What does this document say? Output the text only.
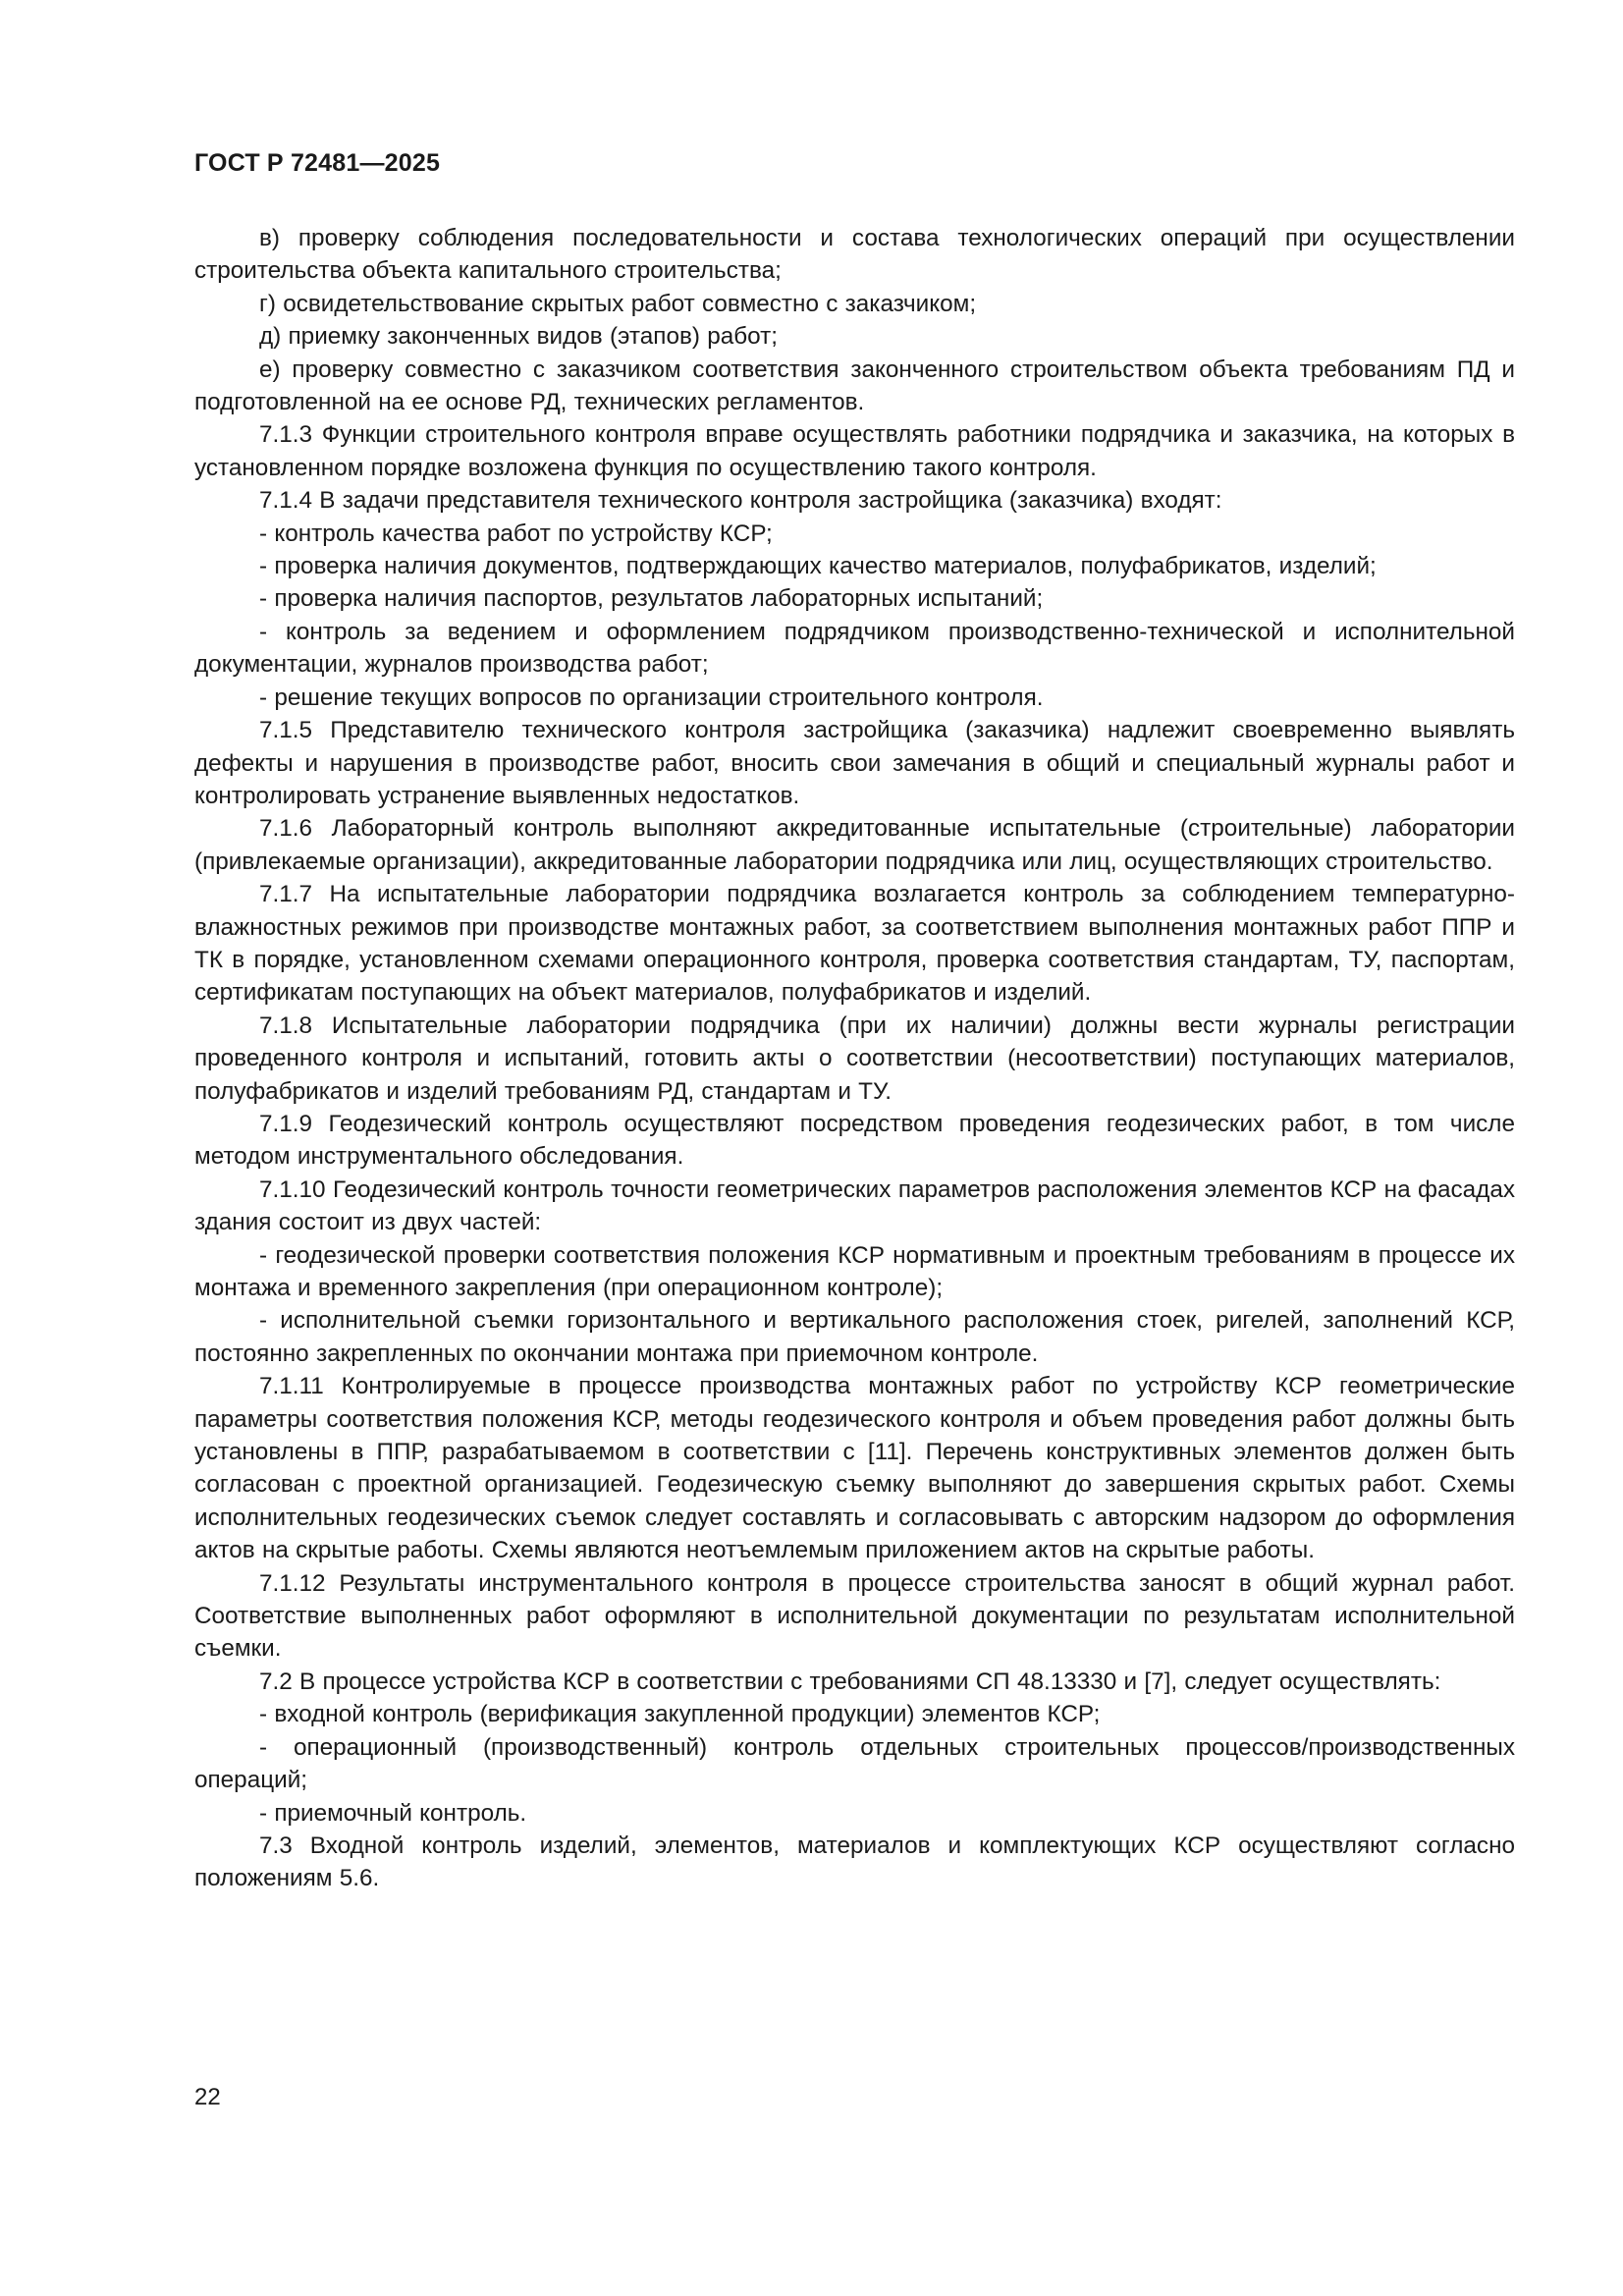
ГОСТ Р 72481—2025

в) проверку соблюдения последовательности и состава технологических операций при осуществлении строительства объекта капитального строительства;

г) освидетельствование скрытых работ совместно с заказчиком;

д) приемку законченных видов (этапов) работ;

е) проверку совместно с заказчиком соответствия законченного строительством объекта требованиям ПД и подготовленной на ее основе РД, технических регламентов.

7.1.3 Функции строительного контроля вправе осуществлять работники подрядчика и заказчика, на которых в установленном порядке возложена функция по осуществлению такого контроля.

7.1.4 В задачи представителя технического контроля застройщика (заказчика) входят:

- контроль качества работ по устройству КСР;

- проверка наличия документов, подтверждающих качество материалов, полуфабрикатов, изделий;

- проверка наличия паспортов, результатов лабораторных испытаний;

- контроль за ведением и оформлением подрядчиком производственно-технической и исполнительной документации, журналов производства работ;

- решение текущих вопросов по организации строительного контроля.

7.1.5 Представителю технического контроля застройщика (заказчика) надлежит своевременно выявлять дефекты и нарушения в производстве работ, вносить свои замечания в общий и специальный журналы работ и контролировать устранение выявленных недостатков.

7.1.6 Лабораторный контроль выполняют аккредитованные испытательные (строительные) лаборатории (привлекаемые организации), аккредитованные лаборатории подрядчика или лиц, осуществляющих строительство.

7.1.7 На испытательные лаборатории подрядчика возлагается контроль за соблюдением температурно-влажностных режимов при производстве монтажных работ, за соответствием выполнения монтажных работ ППР и ТК в порядке, установленном схемами операционного контроля, проверка соответствия стандартам, ТУ, паспортам, сертификатам поступающих на объект материалов, полуфабрикатов и изделий.

7.1.8 Испытательные лаборатории подрядчика (при их наличии) должны вести журналы регистрации проведенного контроля и испытаний, готовить акты о соответствии (несоответствии) поступающих материалов, полуфабрикатов и изделий требованиям РД, стандартам и ТУ.

7.1.9 Геодезический контроль осуществляют посредством проведения геодезических работ, в том числе методом инструментального обследования.

7.1.10 Геодезический контроль точности геометрических параметров расположения элементов КСР на фасадах здания состоит из двух частей:

- геодезической проверки соответствия положения КСР нормативным и проектным требованиям в процессе их монтажа и временного закрепления (при операционном контроле);

- исполнительной съемки горизонтального и вертикального расположения стоек, ригелей, заполнений КСР, постоянно закрепленных по окончании монтажа при приемочном контроле.

7.1.11 Контролируемые в процессе производства монтажных работ по устройству КСР геометрические параметры соответствия положения КСР, методы геодезического контроля и объем проведения работ должны быть установлены в ППР, разрабатываемом в соответствии с [11]. Перечень конструктивных элементов должен быть согласован с проектной организацией. Геодезическую съемку выполняют до завершения скрытых работ. Схемы исполнительных геодезических съемок следует составлять и согласовывать с авторским надзором до оформления актов на скрытые работы. Схемы являются неотъемлемым приложением актов на скрытые работы.

7.1.12 Результаты инструментального контроля в процессе строительства заносят в общий журнал работ. Соответствие выполненных работ оформляют в исполнительной документации по результатам исполнительной съемки.

7.2 В процессе устройства КСР в соответствии с требованиями СП 48.13330 и [7], следует осуществлять:

- входной контроль (верификация закупленной продукции) элементов КСР;

- операционный (производственный) контроль отдельных строительных процессов/производственных операций;

- приемочный контроль.

7.3 Входной контроль изделий, элементов, материалов и комплектующих КСР осуществляют согласно положениям 5.6.

22
